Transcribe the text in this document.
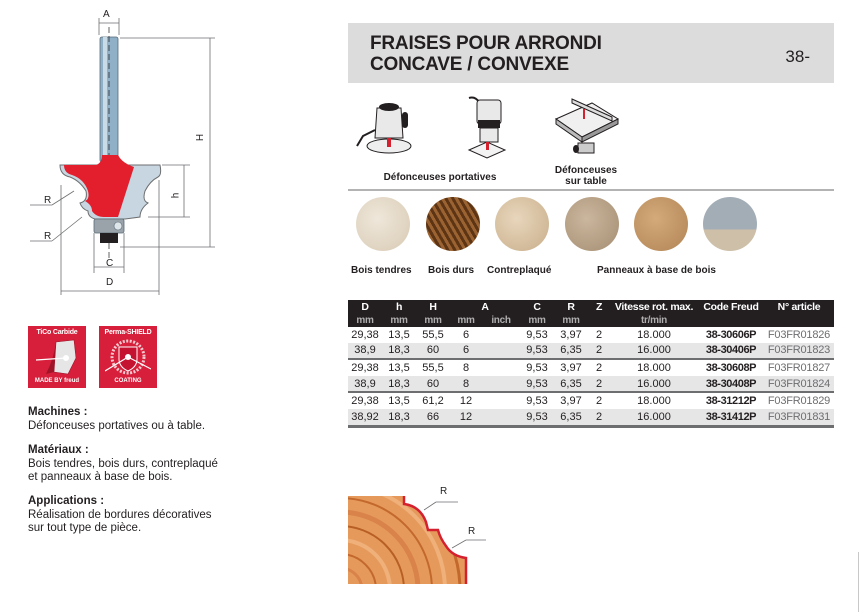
A
H
h
R
R
C
D
FRAISES POUR ARRONDI
CONCAVE / CONVEXE	38-
Défonceuses portatives
Défonceuses
sur table
Bois tendres Bois durs Contreplaqué	Panneaux à base de bois
D	h	H	A		C	R	Z	Vitesse rot. max.	Code Freud	N° article
mm	mm	mm	mm	inch	mm	mm		tr/min		
29,38	13,5	55,5	6		9,53	3,97	2	18.000	38-30606P	F03FR01826
38,9	18,3	60	6		9,53	6,35	2	16.000	38-30406P	F03FR01823
29,38	13,5	55,5	8		9,53	3,97	2	18.000	38-30608P	F03FR01827
38,9	18,3	60	8		9,53	6,35	2	16.000	38-30408P	F03FR01824
29,38	13,5	61,2	12		9,53	3,97	2	18.000	38-31212P	F03FR01829
38,92	18,3	66	12		9,53	6,35	2	16.000	38-31412P	F03FR01831
TiCo Carbide
MADE BY freud
Perma-SHIELD
COATING
Machines :
Défonceuses portatives ou à table.
Matériaux :
Bois tendres, bois durs, contreplaqué
et panneaux à base de bois.
Applications :
Réalisation de bordures décoratives
sur tout type de pièce.
R
R
